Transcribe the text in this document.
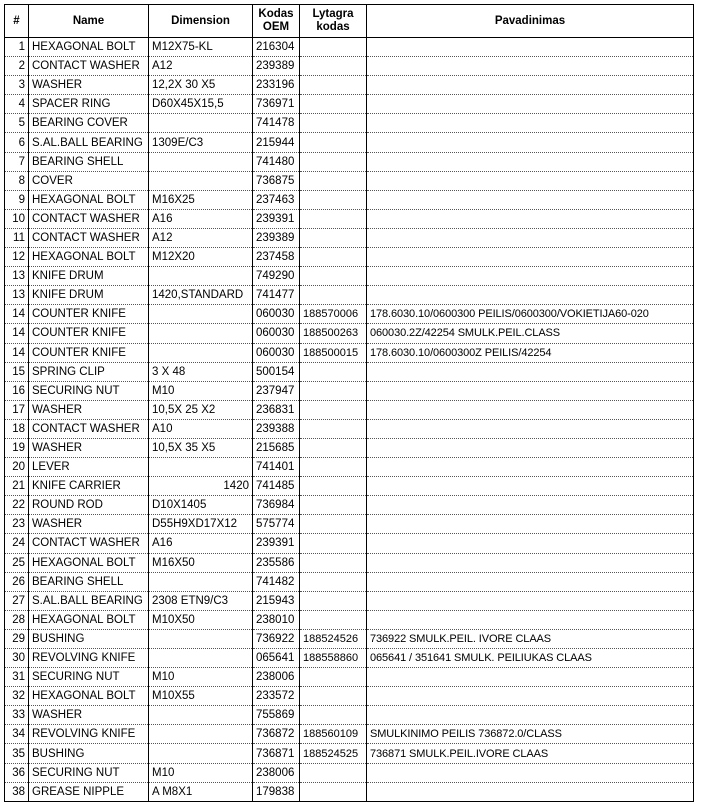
#	Name	Dimension	Kodas OEM	Lytagra kodas	Pavadinimas
1	HEXAGONAL BOLT	M12X75-KL	216304		
2	CONTACT WASHER	A12	239389		
3	WASHER	12,2X 30 X5	233196		
4	SPACER RING	D60X45X15,5	736971		
5	BEARING COVER		741478		
6	S.AL.BALL BEARING	1309E/C3	215944		
7	BEARING SHELL		741480		
8	COVER		736875		
9	HEXAGONAL BOLT	M16X25	237463		
10	CONTACT WASHER	A16	239391		
11	CONTACT WASHER	A12	239389		
12	HEXAGONAL BOLT	M12X20	237458		
13	KNIFE DRUM		749290		
13	KNIFE DRUM	1420,STANDARD	741477		
14	COUNTER KNIFE		060030	188570006	178.6030.10/0600300 PEILIS/0600300/VOKIETIJA60-020
14	COUNTER KNIFE		060030	188500263	060030.2Z/42254 SMULK.PEIL.CLASS
14	COUNTER KNIFE		060030	188500015	178.6030.10/0600300Z PEILIS/42254
15	SPRING CLIP	3 X 48	500154		
16	SECURING NUT	M10	237947		
17	WASHER	10,5X 25 X2	236831		
18	CONTACT WASHER	A10	239388		
19	WASHER	10,5X 35 X5	215685		
20	LEVER		741401		
21	KNIFE CARRIER	1420	741485		
22	ROUND ROD	D10X1405	736984		
23	WASHER	D55H9XD17X12	575774		
24	CONTACT WASHER	A16	239391		
25	HEXAGONAL BOLT	M16X50	235586		
26	BEARING SHELL		741482		
27	S.AL.BALL BEARING	2308 ETN9/C3	215943		
28	HEXAGONAL BOLT	M10X50	238010		
29	BUSHING		736922	188524526	736922 SMULK.PEIL. IVORE CLAAS
30	REVOLVING KNIFE		065641	188558860	065641 / 351641 SMULK. PEILIUKAS CLAAS
31	SECURING NUT	M10	238006		
32	HEXAGONAL BOLT	M10X55	233572		
33	WASHER		755869		
34	REVOLVING KNIFE		736872	188560109	SMULKINIMO PEILIS 736872.0/CLASS
35	BUSHING		736871	188524525	736871 SMULK.PEIL.IVORE CLAAS
36	SECURING NUT	M10	238006		
38	GREASE NIPPLE	A M8X1	179838		
